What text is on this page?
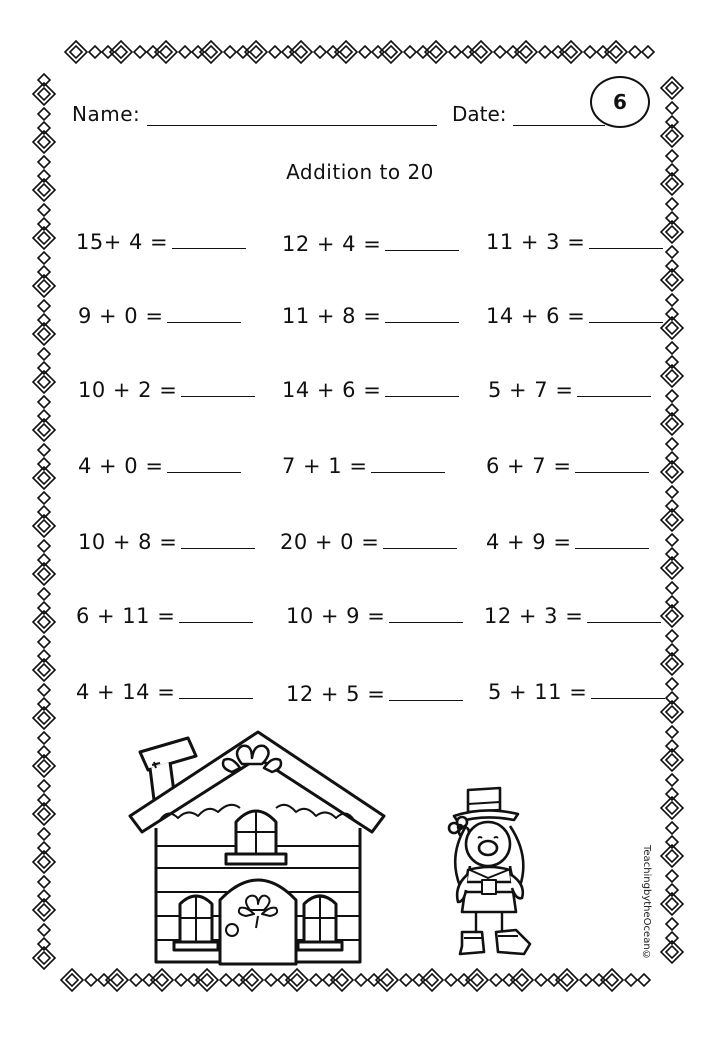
Name:	Date:	6
Addition to 20
15+ 4 =	12 + 4 =	11 + 3 =
9 + 0 =	11 + 8 =	14 + 6 =
10 + 2 =	14 + 6 =	5 + 7 =
4 + 0 =	7 + 1 =	6 + 7 =
10 + 8 =	20 + 0 =	4 + 9 =
6 + 11 =	10 + 9 =	12 + 3 =
4 + 14 =	12 + 5 =	5 + 11 =
TeachingbytheOcean©
